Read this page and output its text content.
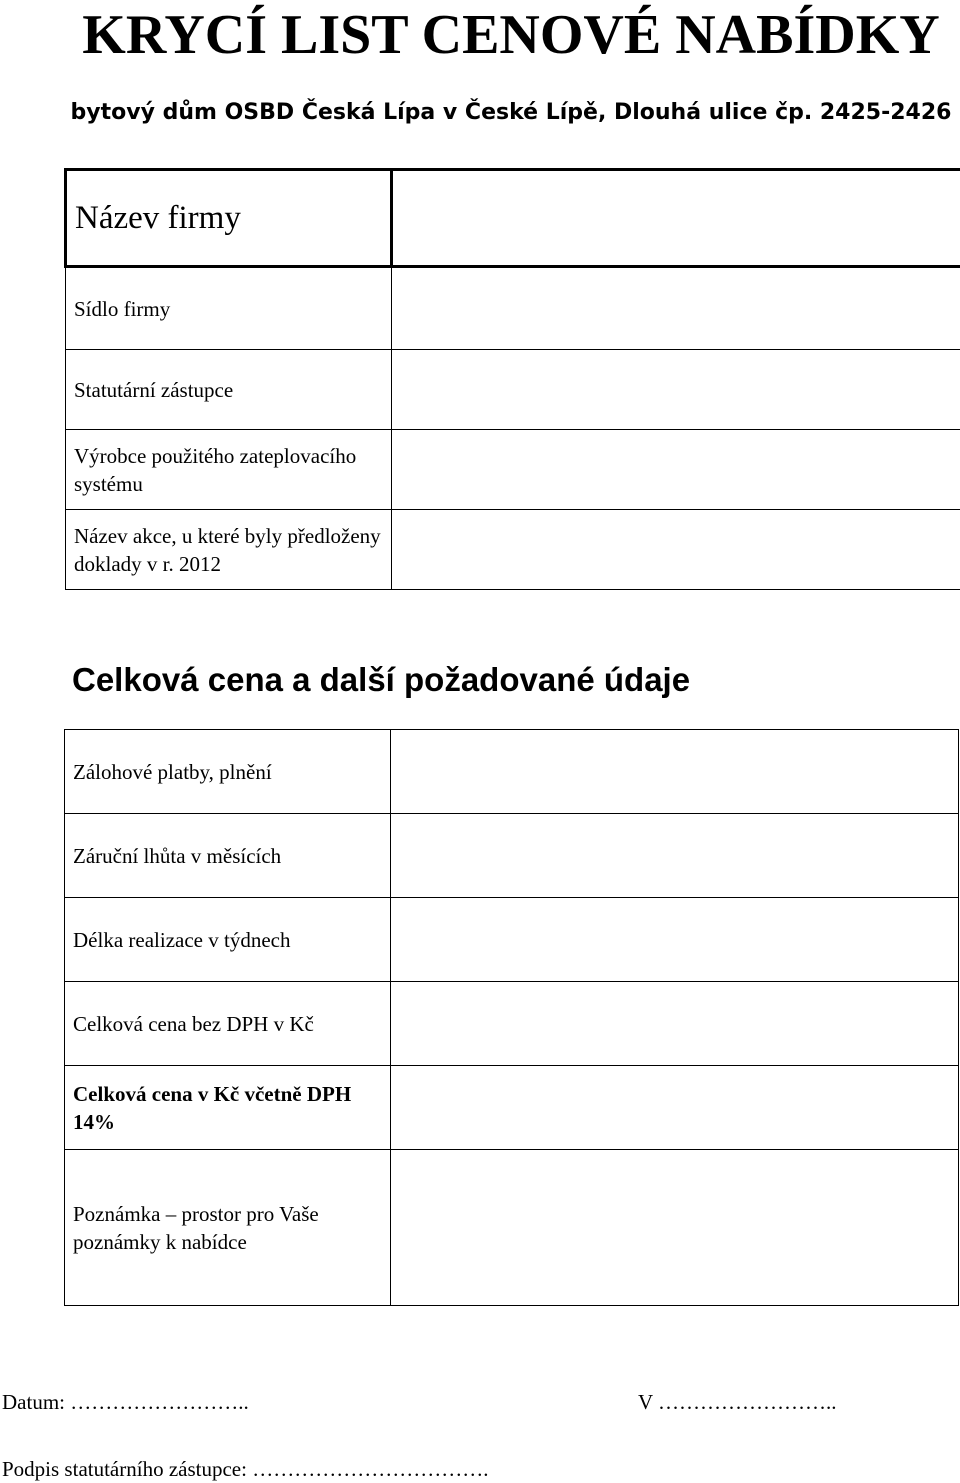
KRYCÍ LIST CENOVÉ NABÍDKY
bytový dům OSBD Česká Lípa v České Lípě, Dlouhá ulice čp. 2425-2426
Název firmy	
Sídlo firmy	
Statutární zástupce	
Výrobce použitého zateplovacího systému	
Název akce, u které byly předloženy doklady v r. 2012	
Celková cena a další požadované údaje
Zálohové platby, plnění	
Záruční lhůta v měsících	
Délka realizace v týdnech	
Celková cena bez DPH v Kč	
Celková cena v Kč včetně DPH 14%	
Poznámka – prostor pro Vaše poznámky k nabídce	
Datum: ……………………..	V ……………………..
Podpis statutárního zástupce: …………………………….
